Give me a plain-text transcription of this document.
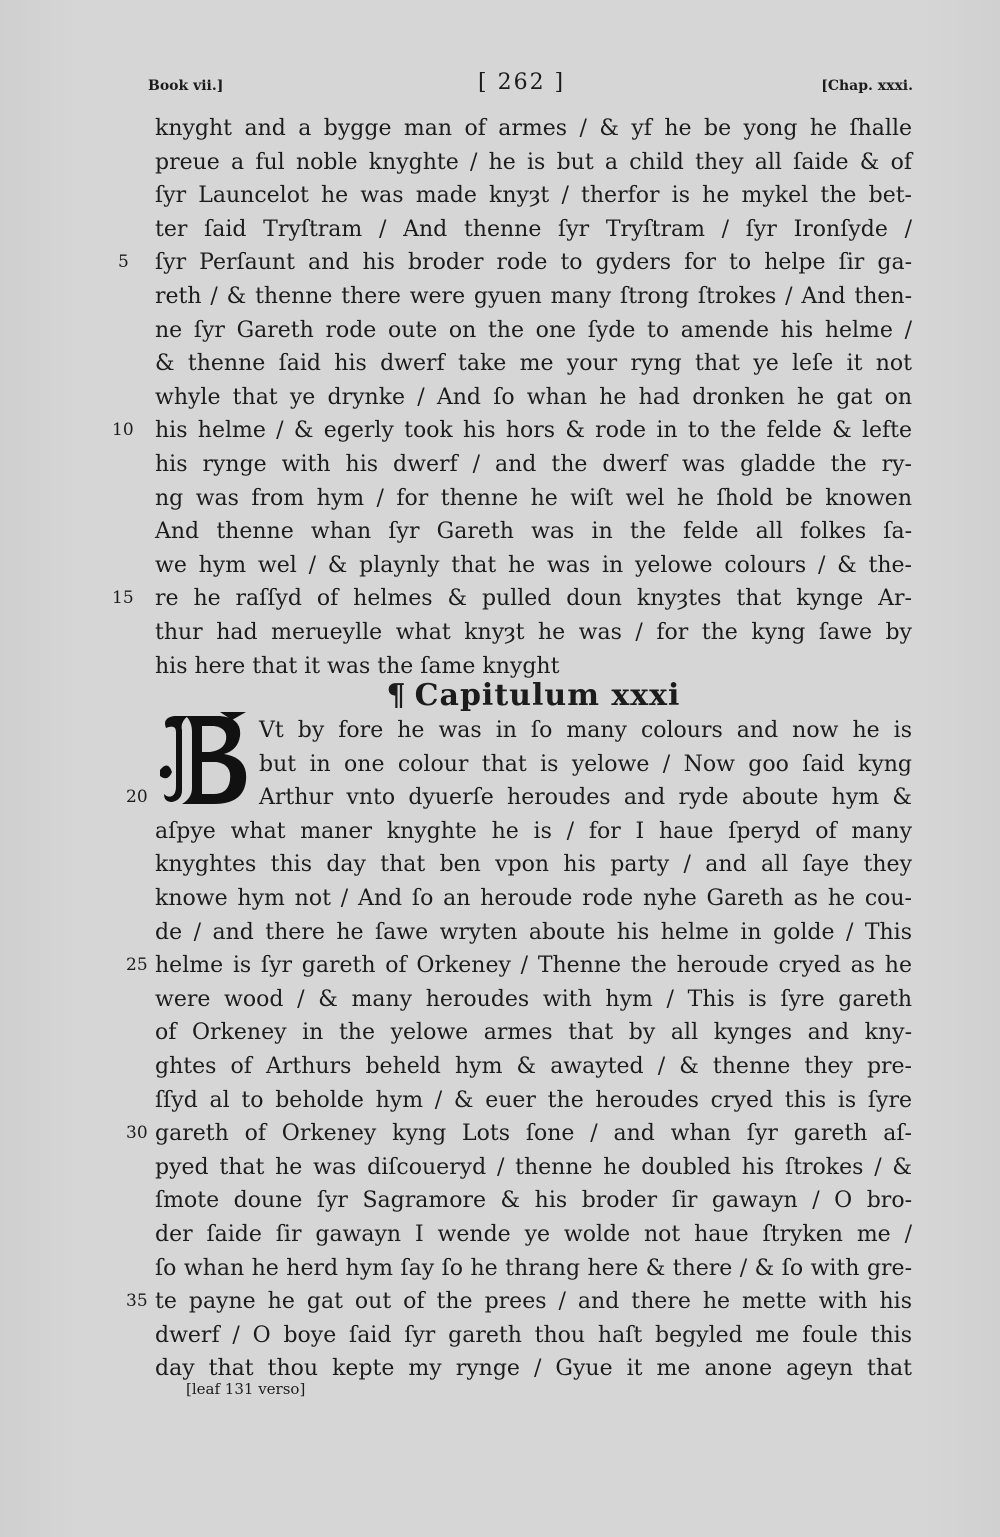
Book vii.]	[ 262 ]	[Chap. xxxi.
5
10
15
knyght and a bygge man of armes / & yf he be yong he ſhalle
preue a ful noble knyghte / he is but a child they all ſaide & of
ſyr Launcelot he was made knyȝt / therfor is he mykel the bet-
ter ſaid Tryſtram / And thenne ſyr Tryſtram / ſyr Ironſyde /
ſyr Perſaunt and his broder rode to gyders for to helpe ſir ga-
reth / & thenne there were gyuen many ſtrong ſtrokes / And then-
ne ſyr Gareth rode oute on the one ſyde to amende his helme /
& thenne ſaid his dwerf take me your ryng that ye leſe it not
whyle that ye drynke / And ſo whan he had dronken he gat on
his helme / & egerly took his hors & rode in to the felde & lefte
his rynge with his dwerf / and the dwerf was gladde the ry-
ng was from hym / for thenne he wiſt wel he ſhold be knowen
And thenne whan ſyr Gareth was in the felde all folkes ſa-
we hym wel / & playnly that he was in yelowe colours / & the-
re he raſſyd of helmes & pulled doun knyȝtes that kynge Ar-
thur had merueylle what knyȝt he was / for the kyng ſawe by
his here that it was the ſame knyght
¶ Capitulum xxxi
20
25
30
35
Vt by fore he was in ſo many colours and now he is
but in one colour that is yelowe / Now goo ſaid kyng
Arthur vnto dyuerſe heroudes and ryde aboute hym &
aſpye what maner knyghte he is / for I haue ſperyd of many
knyghtes this day that ben vpon his party / and all ſaye they
knowe hym not / And ſo an heroude rode nyhe Gareth as he cou-
de / and there he ſawe wryten aboute his helme in golde / This
helme is ſyr gareth of Orkeney / Thenne the heroude cryed as he
were wood / & many heroudes with hym / This is ſyre gareth
of Orkeney in the yelowe armes that by all kynges and kny-
ghtes of Arthurs beheld hym & awayted / & thenne they pre-
ſſyd al to beholde hym / & euer the heroudes cryed this is ſyre
gareth of Orkeney kyng Lots ſone / and whan ſyr gareth aſ-
pyed that he was diſcoueryd / thenne he doubled his ſtrokes / &
ſmote doune ſyr Sagramore & his broder ſir gawayn / O bro-
der ſaide ſir gawayn I wende ye wolde not haue ſtryken me /
ſo whan he herd hym ſay ſo he thrang here & there / & ſo with gre-
te payne he gat out of the prees / and there he mette with his
dwerf / O boye ſaid ſyr gareth thou haſt begyled me foule this
day that thou kepte my rynge / Gyue it me anone ageyn that
[leaf 131 verso]
